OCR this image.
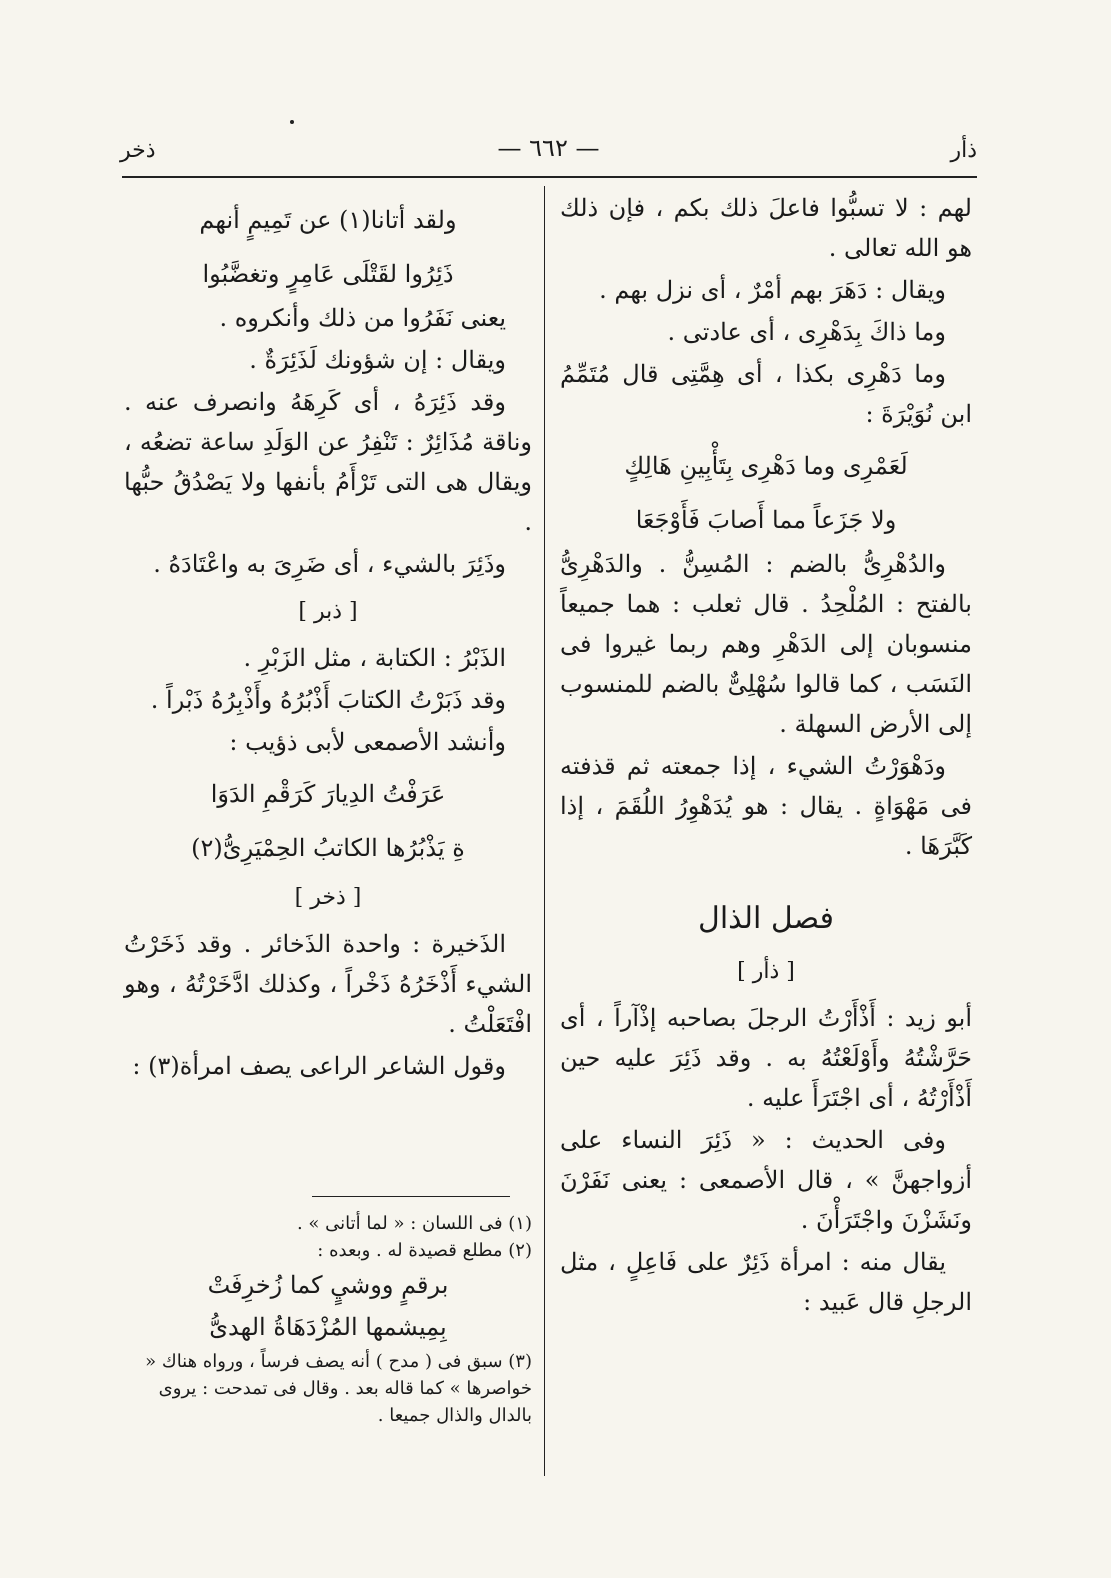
ذأر
— ٦٦٢ —
ذخر

لهم : لا تسبُّوا فاعلَ ذلك بكم ، فإن ذلك هو الله تعالى .

ويقال : دَهَرَ بهم أمْرٌ ، أى نزل بهم .

وما ذاكَ بِدَهْرِى ، أى عادتى .

وما دَهْرِى بكذا ، أى هِمَّتِى قال مُتَمِّمُ ابن نُوَيْرَةَ :

لَعَمْرِى وما دَهْرِى بِتَأْبِينِ هَالِكٍ

ولا جَزَعاً مما أَصابَ فَأَوْجَعَا

والدُهْرِىُّ بالضم : المُسِنُّ . والدَهْرِىُّ بالفتح : المُلْحِدُ . قال ثعلب : هما جميعاً منسوبان إلى الدَهْرِ وهم ربما غيروا فى النَسَب ، كما قالوا سُهْلِىٌّ بالضم للمنسوب إلى الأرض السهلة .

ودَهْوَرْتُ الشيء ، إذا جمعته ثم قذفته فى مَهْوَاةٍ . يقال : هو يُدَهْوِرُ اللُقَمَ ، إذا كَبَّرَهَا .

فصل الذال

[ ذأر ]

أبو زيد : أَذْأَرْتُ الرجلَ بصاحبه إذْآراً ، أى حَرَّشْتُهُ وأَوْلَعْتُهُ به . وقد ذَئِرَ عليه حين أَذْأَرْتُهُ ، أى اجْتَرَأَ عليه .

وفى الحديث : « ذَئِرَ النساء على أزواجهنَّ » ، قال الأصمعى : يعنى نَفَرْنَ ونَشَزْنَ واجْتَرَأْنَ .

يقال منه : امرأة ذَئِرٌ على فَاعِلٍ ، مثل الرجلِ قال عَبيد :

ولقد أتانا(١) عن تَمِيمٍ أنهم

ذَئِرُوا لقَتْلَى عَامِرٍ وتغضَّبُوا

يعنى نَفَرُوا من ذلك وأنكروه .

ويقال : إن شؤونك لَذَئِرَةٌ .

وقد ذَئِرَهُ ، أى كَرِهَهُ وانصرف عنه . وناقة مُذَائِرٌ : تَنْفِرُ عن الوَلَدِ ساعة تضعُه ، ويقال هى التى تَرْأَمُ بأنفها ولا يَصْدُقُ حبُّها .

وذَئِرَ بالشيء ، أى ضَرِىَ به واعْتَادَهُ .

[ ذبر ]

الذَبْرُ : الكتابة ، مثل الزَبْرِ .

وقد ذَبَرْتُ الكتابَ أَذْبُرُهُ وأَذْبِرُهُ ذَبْراً .

وأنشد الأصمعى لأبى ذؤيب :

عَرَفْتُ الدِيارَ كَرَقْمِ الدَوَا

ةِ يَذْبُرُها الكاتبُ الحِمْيَرِىُّ(٢)

[ ذخر ]

الذَخيرة : واحدة الذَخائر . وقد ذَخَرْتُ الشيء أَذْخَرُهُ ذَخْراً ، وكذلك ادَّخَرْتُهُ ، وهو افْتَعَلْتُ .

وقول الشاعر الراعى يصف امرأة(٣) :

(١) فى اللسان : « لما أتانى » .

(٢) مطلع قصيدة له . وبعده :

برقمٍ ووشيٍ كما زُخرِفَتْ

بِمِيشمها المُزْدَهَاةُ الهدىُّ

(٣) سبق فى ( مدح ) أنه يصف فرساً ، ورواه هناك « خواصرها » كما قاله بعد . وقال فى تمدحت : يروى بالدال والذال جميعا .
